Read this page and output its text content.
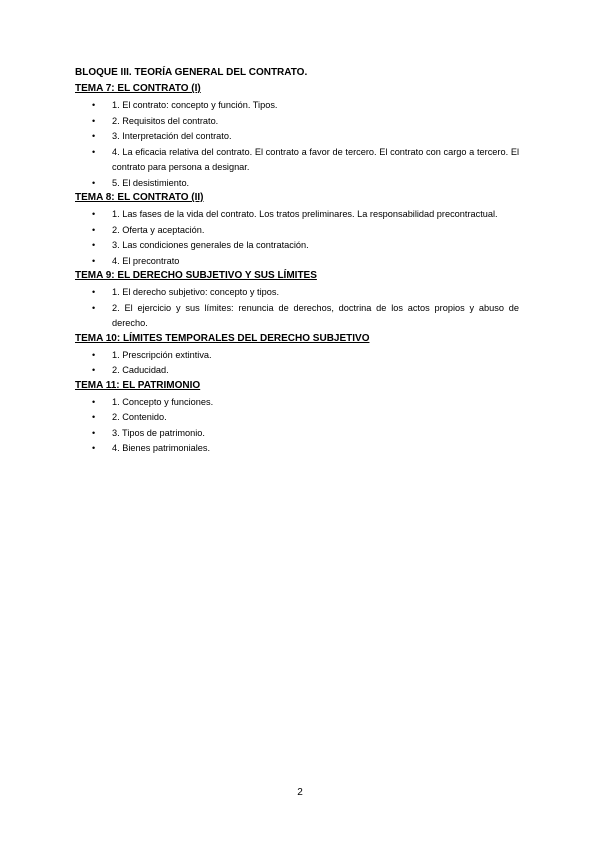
BLOQUE III. TEORÍA GENERAL DEL CONTRATO.
TEMA 7: EL CONTRATO (I)
• 1. El contrato: concepto y función. Tipos.
• 2. Requisitos del contrato.
• 3. Interpretación del contrato.
• 4. La eficacia relativa del contrato. El contrato a favor de tercero. El contrato con cargo a tercero. El contrato para persona a designar.
• 5. El desistimiento.
TEMA 8: EL CONTRATO (II)
• 1. Las fases de la vida del contrato. Los tratos preliminares. La responsabilidad precontractual.
• 2. Oferta y aceptación.
• 3. Las condiciones generales de la contratación.
• 4. El precontrato
TEMA 9: EL DERECHO SUBJETIVO Y SUS LÍMITES
• 1. El derecho subjetivo: concepto y tipos.
• 2. El ejercicio y sus límites: renuncia de derechos, doctrina de los actos propios y abuso de derecho.
TEMA 10: LÍMITES TEMPORALES DEL DERECHO SUBJETIVO
• 1. Prescripción extintiva.
• 2. Caducidad.
TEMA 11: EL PATRIMONIO
• 1. Concepto y funciones.
• 2. Contenido.
• 3. Tipos de patrimonio.
• 4. Bienes patrimoniales.
2
